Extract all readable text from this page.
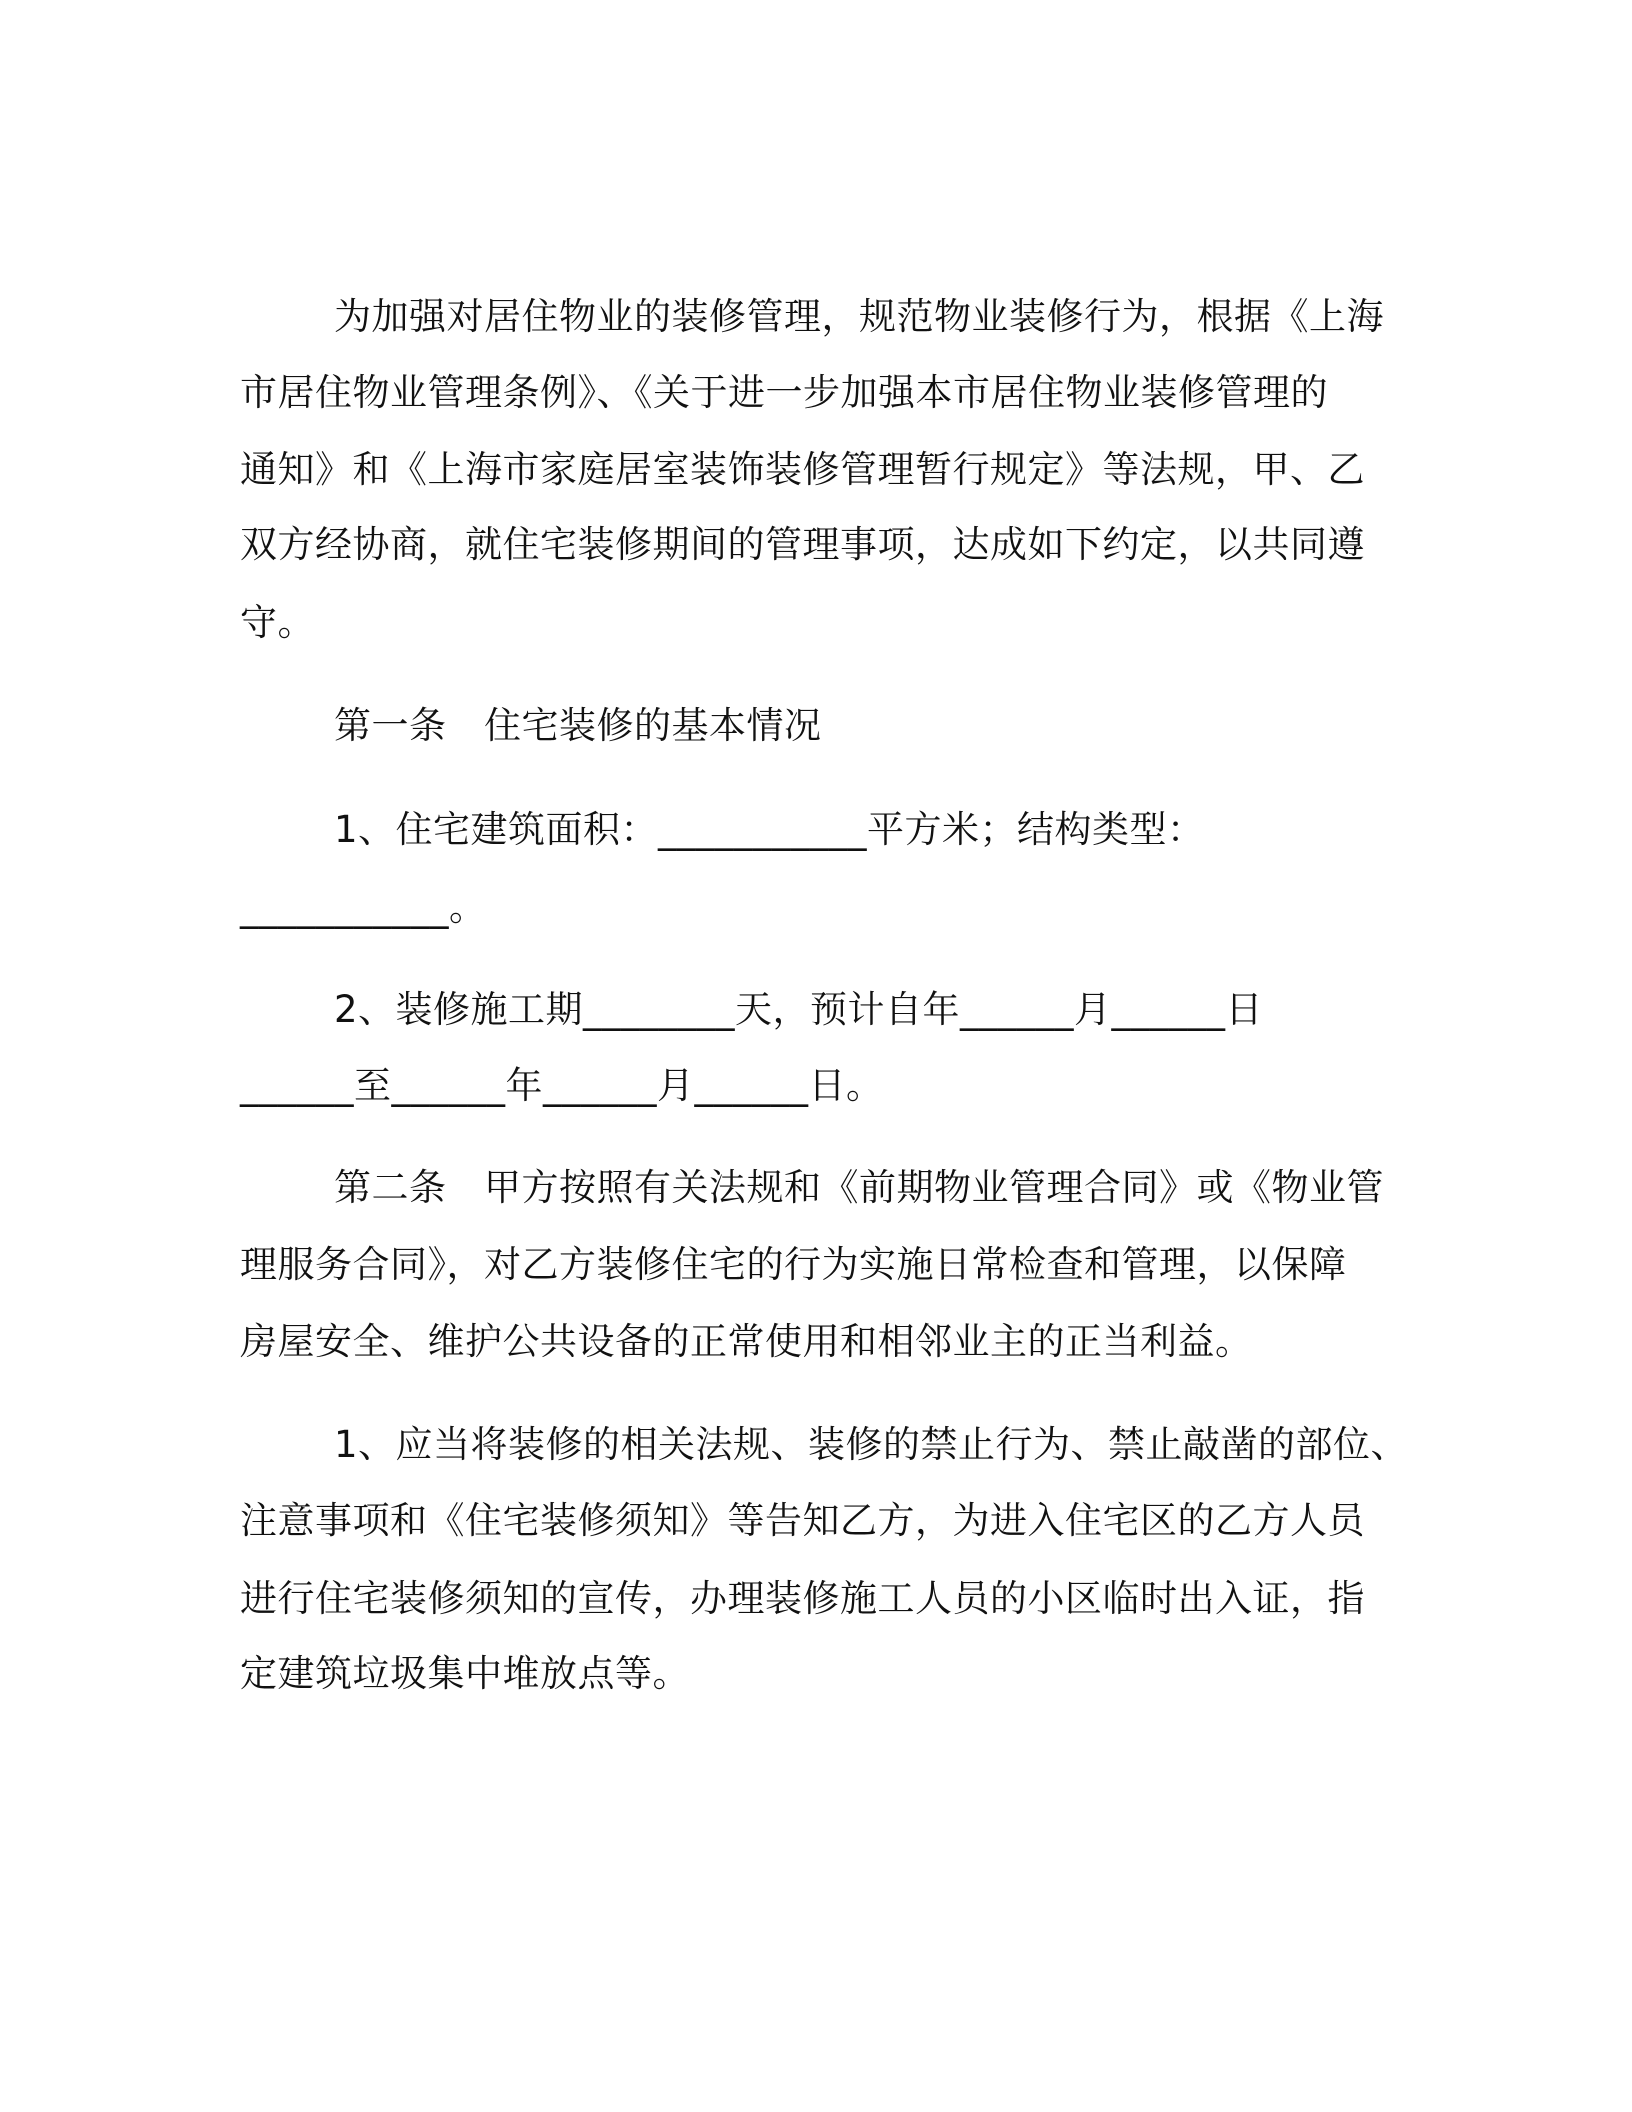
为加强对居住物业的装修管理，规范物业装修行为，根据《上海
市居住物业管理条例》、《关于进一步加强本市居住物业装修管理的
通知》和《上海市家庭居室装饰装修管理暂行规定》等法规，甲、乙
双方经协商，就住宅装修期间的管理事项，达成如下约定，以共同遵
守。
第一条　住宅装修的基本情况
1、住宅建筑面积：___________平方米；结构类型：
___________。
2、装修施工期________天，预计自年______月______日
______至______年______月______日。
第二条　甲方按照有关法规和《前期物业管理合同》或《物业管
理服务合同》，对乙方装修住宅的行为实施日常检查和管理，以保障
房屋安全、维护公共设备的正常使用和相邻业主的正当利益。
1、应当将装修的相关法规、装修的禁止行为、禁止敲凿的部位、
注意事项和《住宅装修须知》等告知乙方，为进入住宅区的乙方人员
进行住宅装修须知的宣传，办理装修施工人员的小区临时出入证，指
定建筑垃圾集中堆放点等。
